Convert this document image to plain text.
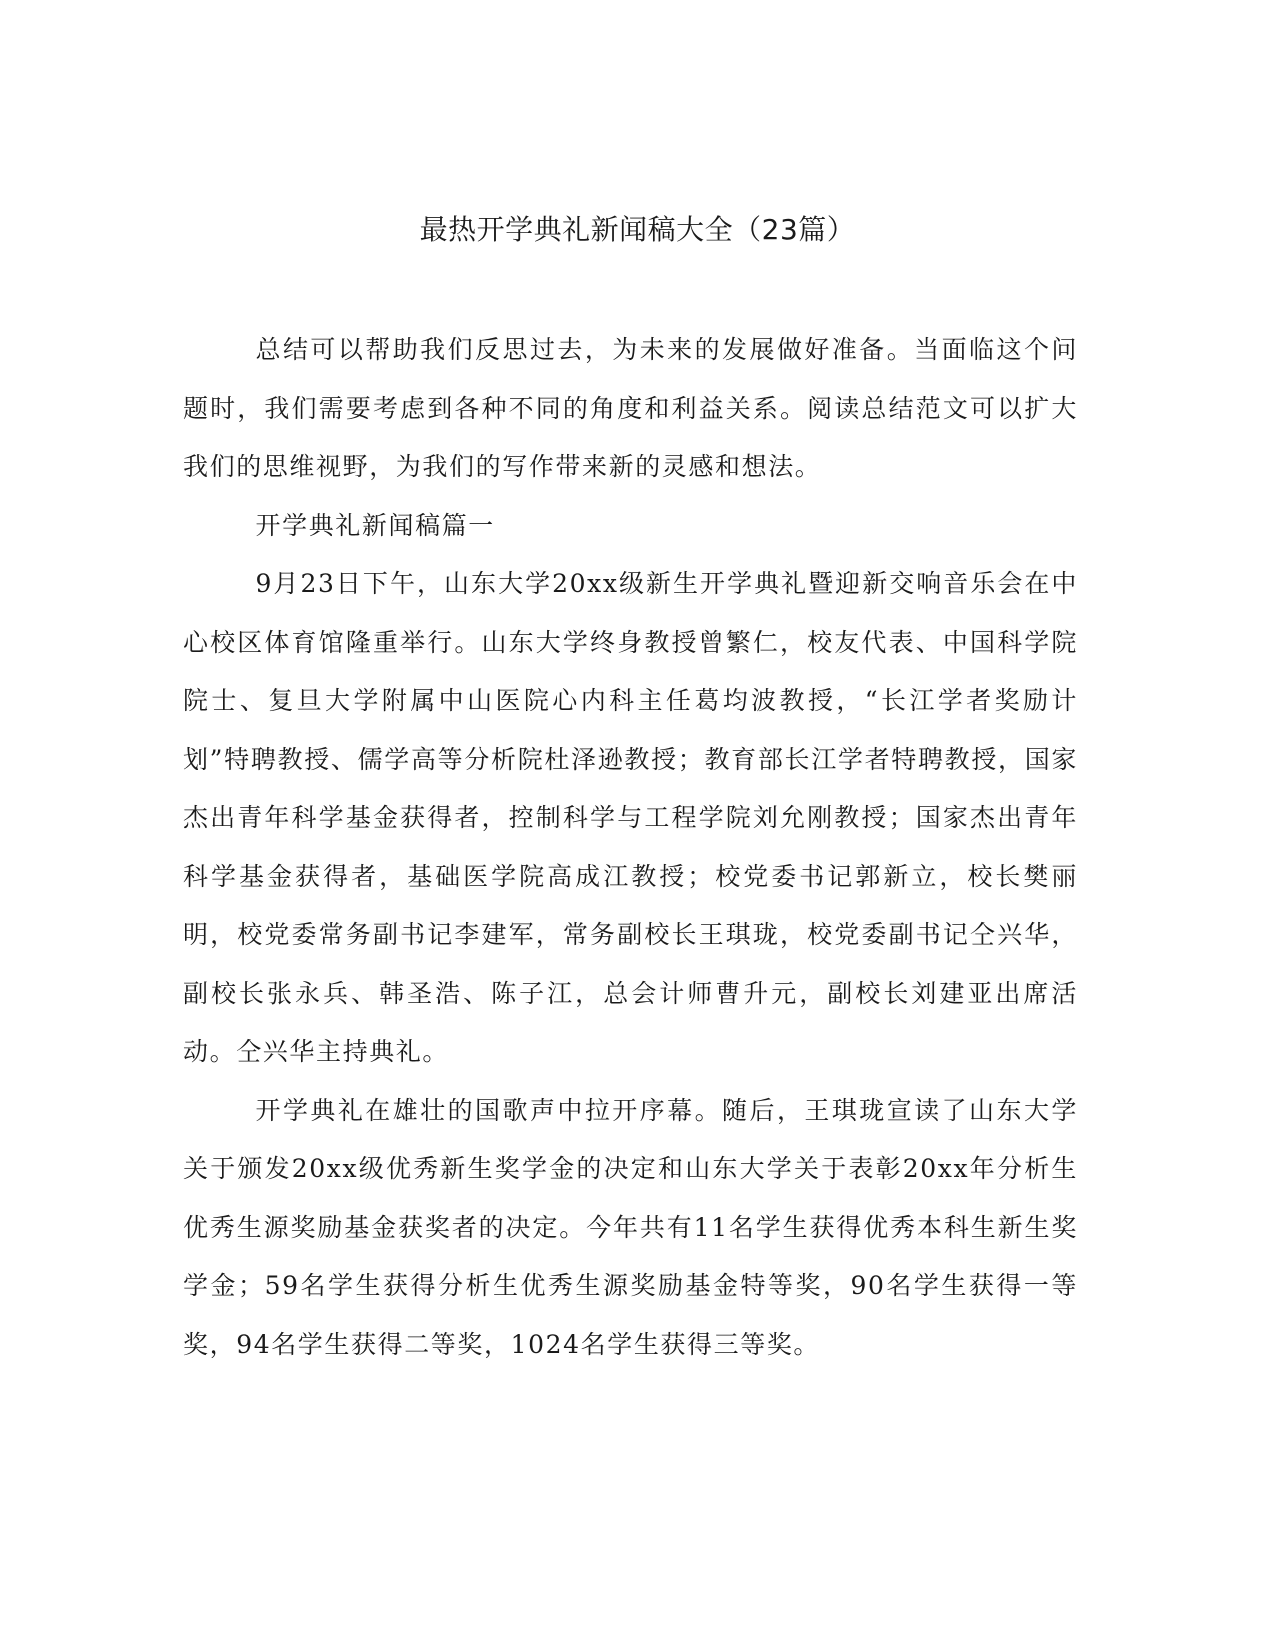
最热开学典礼新闻稿大全（23篇）

总结可以帮助我们反思过去，为未来的发展做好准备。当面临这个问题时，我们需要考虑到各种不同的角度和利益关系。阅读总结范文可以扩大我们的思维视野，为我们的写作带来新的灵感和想法。

开学典礼新闻稿篇一

9月23日下午，山东大学20xx级新生开学典礼暨迎新交响音乐会在中心校区体育馆隆重举行。山东大学终身教授曾繁仁，校友代表、中国科学院院士、复旦大学附属中山医院心内科主任葛均波教授，“长江学者奖励计划”特聘教授、儒学高等分析院杜泽逊教授；教育部长江学者特聘教授，国家杰出青年科学基金获得者，控制科学与工程学院刘允刚教授；国家杰出青年科学基金获得者，基础医学院高成江教授；校党委书记郭新立，校长樊丽明，校党委常务副书记李建军，常务副校长王琪珑，校党委副书记仝兴华，副校长张永兵、韩圣浩、陈子江，总会计师曹升元，副校长刘建亚出席活动。仝兴华主持典礼。

开学典礼在雄壮的国歌声中拉开序幕。随后，王琪珑宣读了山东大学关于颁发20xx级优秀新生奖学金的决定和山东大学关于表彰20xx年分析生优秀生源奖励基金获奖者的决定。今年共有11名学生获得优秀本科生新生奖学金；59名学生获得分析生优秀生源奖励基金特等奖，90名学生获得一等奖，94名学生获得二等奖，1024名学生获得三等奖。
